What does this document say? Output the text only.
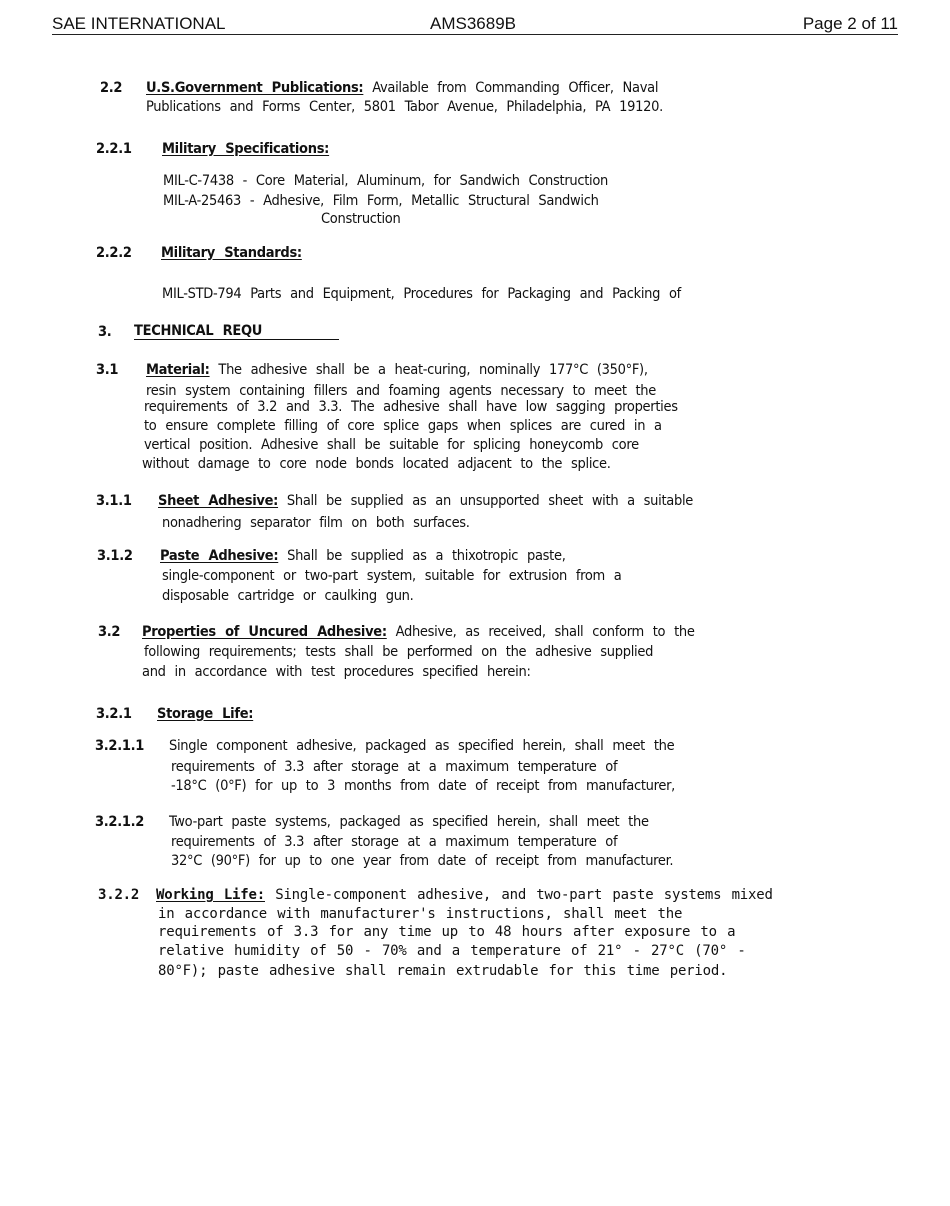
SAE INTERNATIONAL	AMS3689B	Page 2 of 11
2.2 U.S.Government Publications: Available from Commanding Officer, Naval
Publications and Forms Center, 5801 Tabor Avenue, Philadelphia, PA 19120.
2.2.1 Military Specifications:
MIL-C-7438 - Core Material, Aluminum, for Sandwich Construction
MIL-A-25463 - Adhesive, Film Form, Metallic Structural Sandwich
Construction
2.2.2 Military Standards:
MIL-STD-794 Parts and Equipment, Procedures for Packaging and Packing of
3. TECHNICAL REQU
3.1 Material: The adhesive shall be a heat-curing, nominally 177°C (350°F),
resin system containing fillers and foaming agents necessary to meet the
requirements of 3.2 and 3.3. The adhesive shall have low sagging properties
to ensure complete filling of core splice gaps when splices are cured in a
vertical position. Adhesive shall be suitable for splicing honeycomb core
without damage to core node bonds located adjacent to the splice.
3.1.1 Sheet Adhesive: Shall be supplied as an unsupported sheet with a suitable
nonadhering separator film on both surfaces.
3.1.2 Paste Adhesive: Shall be supplied as a thixotropic paste,
single-component or two-part system, suitable for extrusion from a
disposable cartridge or caulking gun.
3.2 Properties of Uncured Adhesive: Adhesive, as received, shall conform to the
following requirements; tests shall be performed on the adhesive supplied
and in accordance with test procedures specified herein:
3.2.1 Storage Life:
3.2.1.1 Single component adhesive, packaged as specified herein, shall meet the
requirements of 3.3 after storage at a maximum temperature of
-18°C (0°F) for up to 3 months from date of receipt from manufacturer,
3.2.1.2 Two-part paste systems, packaged as specified herein, shall meet the
requirements of 3.3 after storage at a maximum temperature of
32°C (90°F) for up to one year from date of receipt from manufacturer.
3.2.2 Working Life: Single-component adhesive, and two-part paste systems mixed
in accordance with manufacturer's instructions, shall meet the
requirements of 3.3 for any time up to 48 hours after exposure to a
relative humidity of 50 - 70% and a temperature of 21° - 27°C (70° -
80°F); paste adhesive shall remain extrudable for this time period.
